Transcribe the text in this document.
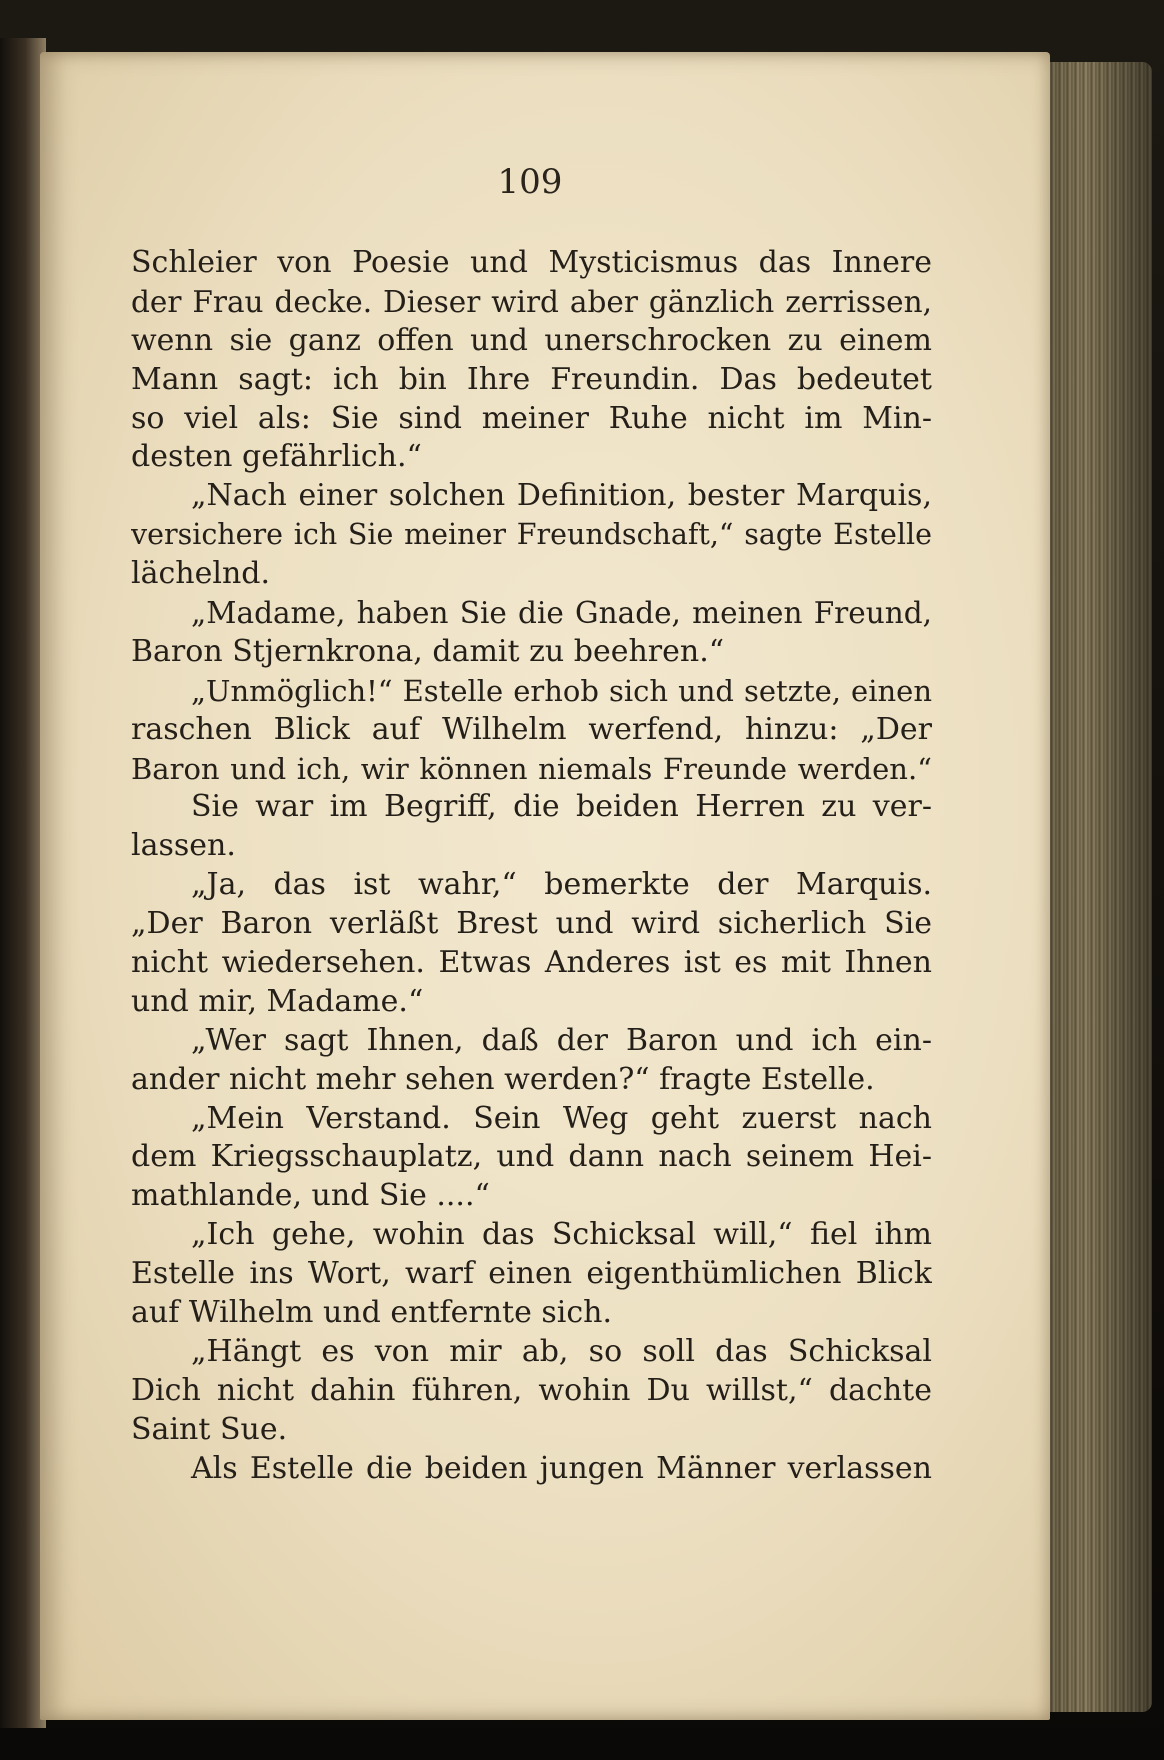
109
Schleier von Poesie und Mysticismus das Innere
der Frau decke. Dieser wird aber gänzlich zerrissen,
wenn sie ganz offen und unerschrocken zu einem
Mann sagt: ich bin Ihre Freundin. Das bedeutet
so viel als: Sie sind meiner Ruhe nicht im Min-
desten gefährlich.“
„Nach einer solchen Definition, bester Marquis,
versichere ich Sie meiner Freundschaft,“ sagte Estelle
lächelnd.
„Madame, haben Sie die Gnade, meinen Freund,
Baron Stjernkrona, damit zu beehren.“
„Unmöglich!“ Estelle erhob sich und setzte, einen
raschen Blick auf Wilhelm werfend, hinzu: „Der
Baron und ich, wir können niemals Freunde werden.“
Sie war im Begriff, die beiden Herren zu ver-
lassen.
„Ja, das ist wahr,“ bemerkte der Marquis.
„Der Baron verläßt Brest und wird sicherlich Sie
nicht wiedersehen. Etwas Anderes ist es mit Ihnen
und mir, Madame.“
„Wer sagt Ihnen, daß der Baron und ich ein-
ander nicht mehr sehen werden?“ fragte Estelle.
„Mein Verstand. Sein Weg geht zuerst nach
dem Kriegsschauplatz, und dann nach seinem Hei-
mathlande, und Sie ....“
„Ich gehe, wohin das Schicksal will,“ fiel ihm
Estelle ins Wort, warf einen eigenthümlichen Blick
auf Wilhelm und entfernte sich.
„Hängt es von mir ab, so soll das Schicksal
Dich nicht dahin führen, wohin Du willst,“ dachte
Saint Sue.
Als Estelle die beiden jungen Männer verlassen
